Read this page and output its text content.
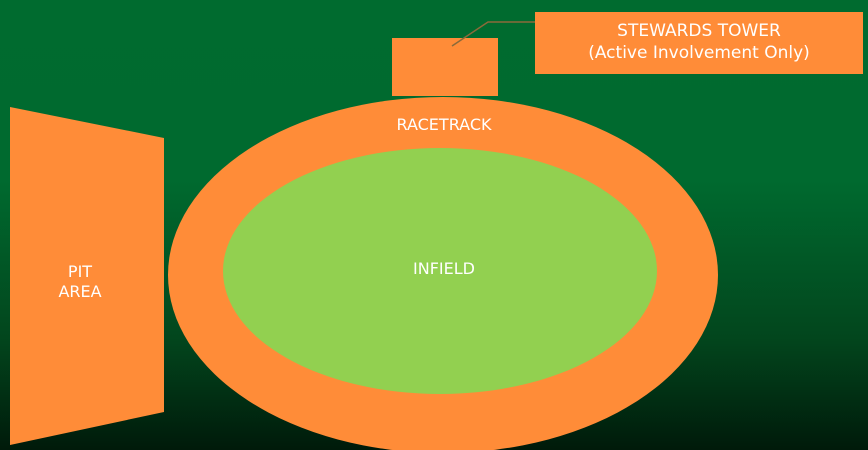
STEWARDS TOWER
(Active Involvement Only)
RACETRACK
INFIELD
PIT
AREA
